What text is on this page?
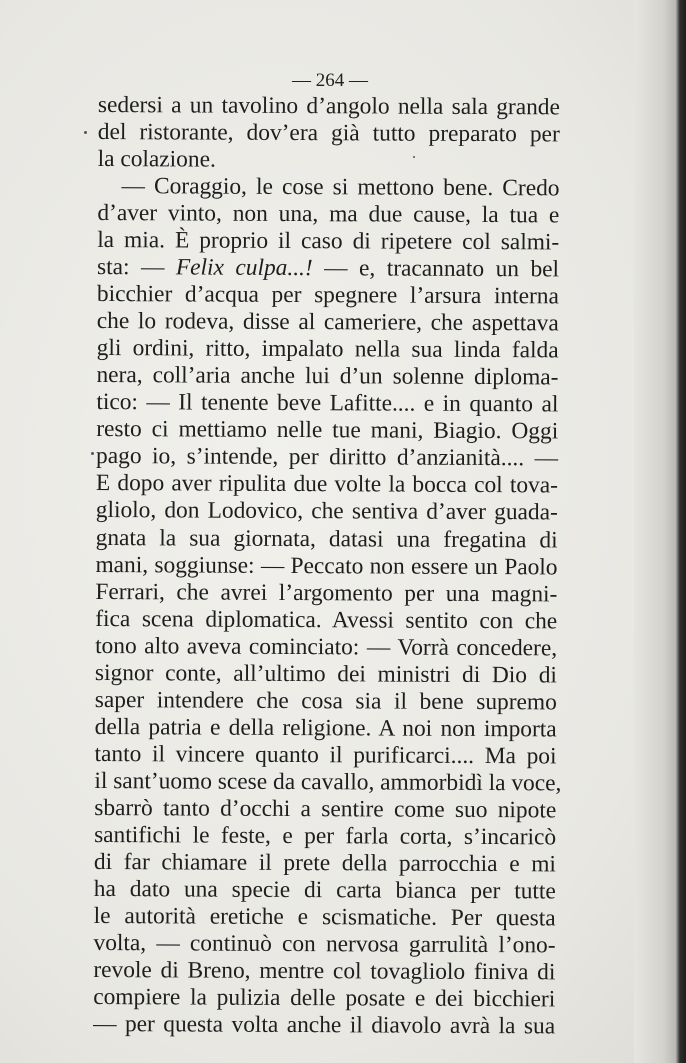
— 264 —
sedersi a un tavolino d’angolo nella sala grande
del ristorante, dov’era già tutto preparato per
la colazione.
— Coraggio, le cose si mettono bene. Credo
d’aver vinto, non una, ma due cause, la tua e
la mia. È proprio il caso di ripetere col salmi-
sta: — Felix culpa...! — e, tracannato un bel
bicchier d’acqua per spegnere l’arsura interna
che lo rodeva, disse al cameriere, che aspettava
gli ordini, ritto, impalato nella sua linda falda
nera, coll’aria anche lui d’un solenne diploma-
tico: — Il tenente beve Lafitte.... e in quanto al
resto ci mettiamo nelle tue mani, Biagio. Oggi
pago io, s’intende, per diritto d’anzianità.... —
E dopo aver ripulita due volte la bocca col tova-
gliolo, don Lodovico, che sentiva d’aver guada-
gnata la sua giornata, datasi una fregatina di
mani, soggiunse: — Peccato non essere un Paolo
Ferrari, che avrei l’argomento per una magni-
fica scena diplomatica. Avessi sentito con che
tono alto aveva cominciato: — Vorrà concedere,
signor conte, all’ultimo dei ministri di Dio di
saper intendere che cosa sia il bene supremo
della patria e della religione. A noi non importa
tanto il vincere quanto il purificarci.... Ma poi
il sant’uomo scese da cavallo, ammorbidì la voce,
sbarrò tanto d’occhi a sentire come suo nipote
santifichi le feste, e per farla corta, s’incaricò
di far chiamare il prete della parrocchia e mi
ha dato una specie di carta bianca per tutte
le autorità eretiche e scismatiche. Per questa
volta, — continuò con nervosa garrulità l’ono-
revole di Breno, mentre col tovagliolo finiva di
compiere la pulizia delle posate e dei bicchieri
— per questa volta anche il diavolo avrà la sua
